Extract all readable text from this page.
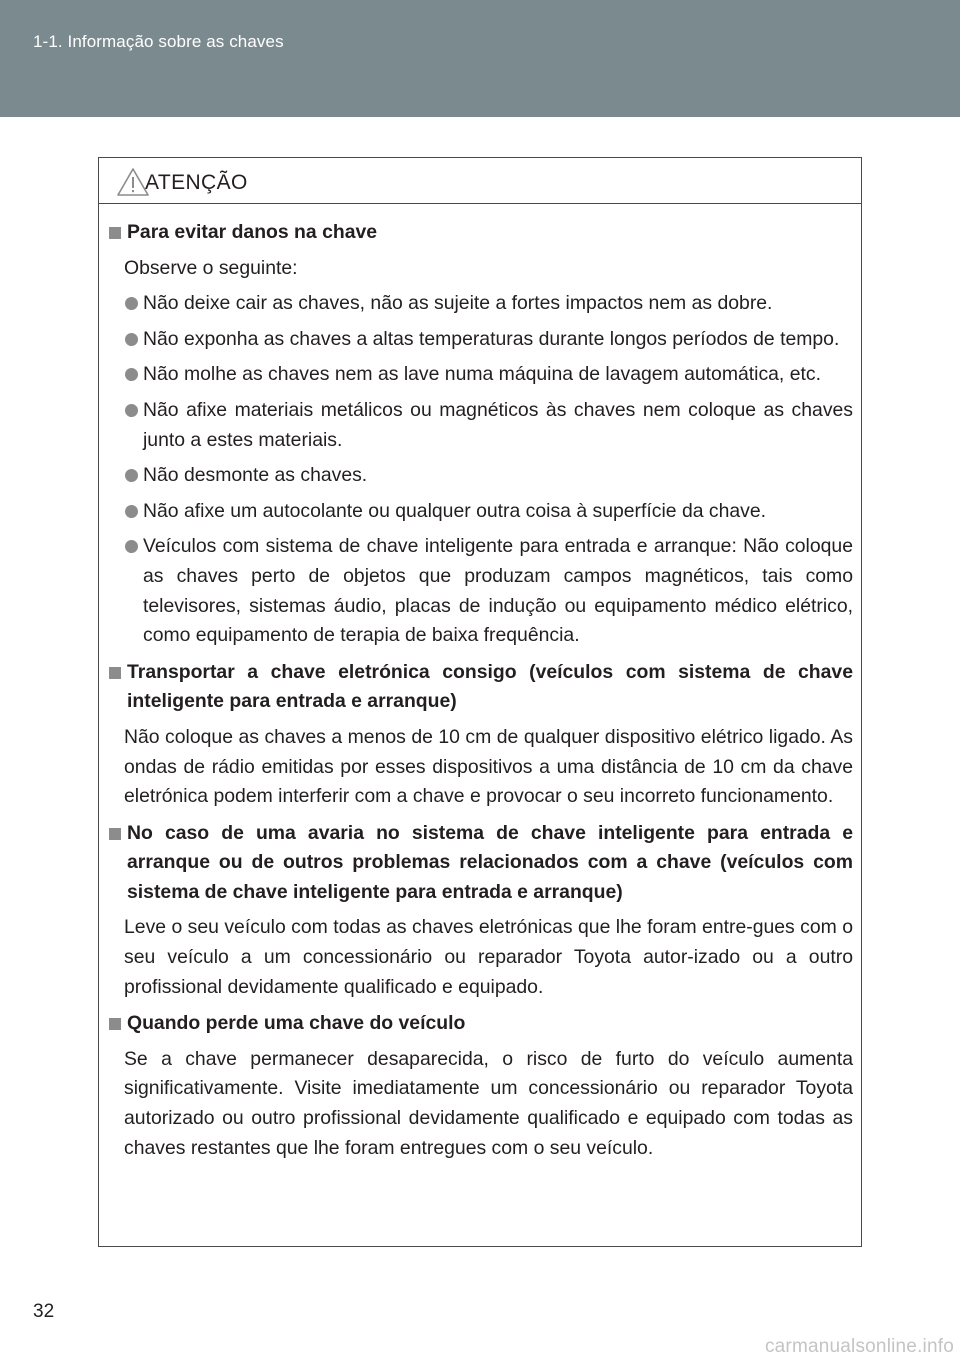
1-1. Informação sobre as chaves
ATENÇÃO
Para evitar danos na chave
Observe o seguinte:
Não deixe cair as chaves, não as sujeite a fortes impactos nem as dobre.
Não exponha as chaves a altas temperaturas durante longos períodos de tempo.
Não molhe as chaves nem as lave numa máquina de lavagem automática, etc.
Não afixe materiais metálicos ou magnéticos às chaves nem coloque as chaves junto a estes materiais.
Não desmonte as chaves.
Não afixe um autocolante ou qualquer outra coisa à superfície da chave.
Veículos com sistema de chave inteligente para entrada e arranque: Não coloque as chaves perto de objetos que produzam campos magnéticos, tais como televisores, sistemas áudio, placas de indução ou equipamento médico elétrico, como equipamento de terapia de baixa frequência.
Transportar a chave eletrónica consigo (veículos com sistema de chave inteligente para entrada e arranque)
Não coloque as chaves a menos de 10 cm de qualquer dispositivo elétrico ligado. As ondas de rádio emitidas por esses dispositivos a uma distância de 10 cm da chave eletrónica podem interferir com a chave e provocar o seu incorreto funcionamento.
No caso de uma avaria no sistema de chave inteligente para entrada e arranque ou de outros problemas relacionados com a chave (veículos com sistema de chave inteligente para entrada e arranque)
Leve o seu veículo com todas as chaves eletrónicas que lhe foram entre-gues com o seu veículo a um concessionário ou reparador Toyota autor-izado ou a outro profissional devidamente qualificado e equipado.
Quando perde uma chave do veículo
Se a chave permanecer desaparecida, o risco de furto do veículo aumenta significativamente. Visite imediatamente um concessionário ou reparador Toyota autorizado ou outro profissional devidamente qualificado e equipado com todas as chaves restantes que lhe foram entregues com o seu veículo.
32
carmanualsonline.info
